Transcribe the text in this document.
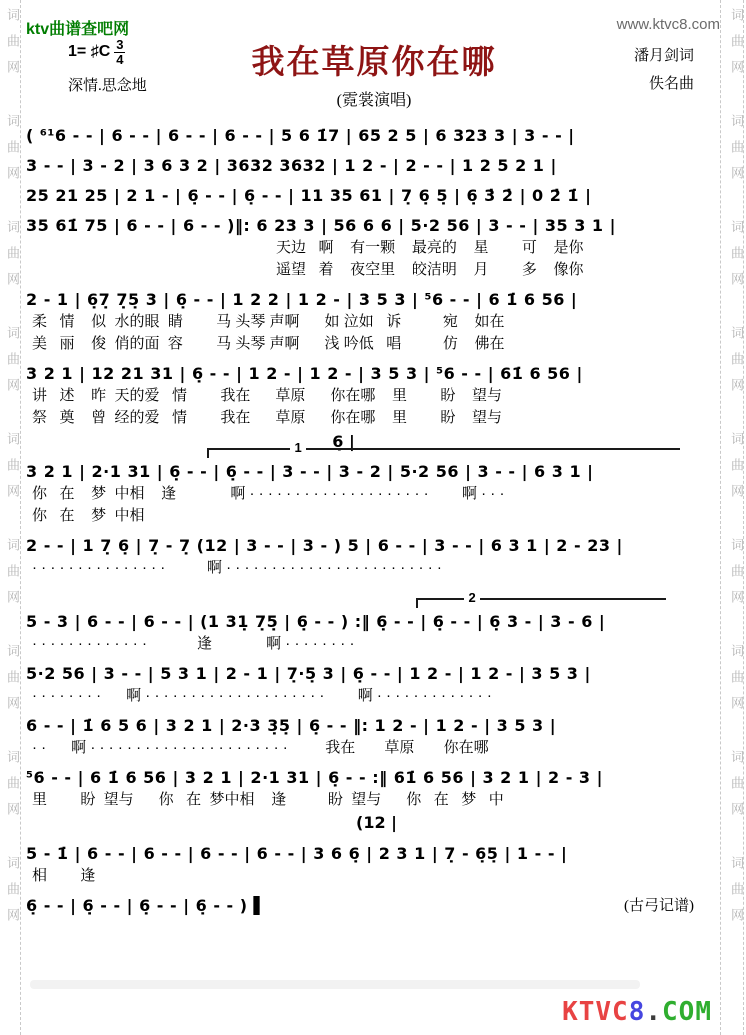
词曲网 词曲网 词曲网 词曲网 词曲网 词曲网 词曲网 词曲网 词曲网	词曲网 词曲网 词曲网 词曲网 词曲网 词曲网 词曲网 词曲网 词曲网
ktv曲谱查吧网	www.ktvc8.com
1= ♯C $\frac{3}{4}$
深情.思念地
我在草原你在哪
(霓裳演唱)
潘月剑词
佚名曲
( ⁶¹6 - - | 6 - - | 6 - - | 6 - - | 5 6 1̇7 | 65 2 5 | 6 323 3 | 3 - - |
3 - - | 3 - 2 | 3 6 3 2 | 3632 3632 | 1 2 - | 2 - - | 1 2 5 2 1 |
25 21 25 | 2 1 - | 6̣ - - | 6̣ - - | 11 35 61 | 7̣ 6̣ 5̣ | 6̣ 3̇ 2̇ | 0 2̇ 1̇ |
35 61̇ 75 | 6 - - | 6 - - )‖: 6 23 3 | 56 6 6 | 5·2 56 | 3 - - | 35 3 1 |
天边   啊    有一颗    最亮的    星        可    是你
遥望   着    夜空里    皎洁明    月        多    像你
2 - 1 | 6̣7̣ 7̣5̣ 3 | 6̣ - - | 1 2 2 | 1 2 - | 3 5 3 | ⁵6 - - | 6 1̇ 6 56 |
柔   情    似  水的眼  睛        马 头琴 声啊      如 泣如   诉          宛    如在
美   丽    俊  俏的面  容        马 头琴 声啊      浅 吟低   唱          仿    佛在
3 2 1 | 12 21 31 | 6̣ - - | 1 2 - | 1 2 - | 3 5 3 | ⁵6 - - | 61̇ 6 56 |
讲   述    昨  天的爱   情        我在      草原      你在哪    里        盼    望与
祭   奠    曾  经的爱   情        我在      草原      你在哪    里        盼    望与
6̣ |
1
3 2 1 | 2·1 31 | 6̣ - - | 6̣ - - | 3 - - | 3 - 2 | 5·2 56 | 3 - - | 6 3 1 |
你   在    梦  中相    逢             啊 · · · · · · · · · · · · · · · · · · · ·        啊 · · ·
你   在    梦  中相
2 - - | 1 7̣ 6̣ | 7̣ - 7̣ (12 | 3 - - | 3 - ) 5 | 6 - - | 3 - - | 6 3 1 | 2 - 23 |
· · · · · · · · · · · · · · ·          啊 · · · · · · · · · · · · · · · · · · · · · · · ·
2
5 - 3 | 6 - - | 6 - - | (1 31̣ 7̣5̣ | 6̣ - - ) :‖ 6̣ - - | 6̣ - - | 6̣ 3 - | 3 - 6 |
· · · · · · · · · · · · ·            逢             啊 · · · · · · · ·
5·2 56 | 3 - - | 5 3 1 | 2 - 1 | 7̣·5̣ 3 | 6̣ - - | 1 2 - | 1 2 - | 3 5 3 |
· · · · · · · ·      啊 · · · · · · · · · · · · · · · · · · · ·        啊 · · · · · · · · · · · · ·
6 - - | 1̇ 6 5 6 | 3 2 1 | 2·3 3̣5̣ | 6̣ - - ‖: 1 2 - | 1 2 - | 3 5 3 |
· ·      啊 · · · · · · · · · · · · · · · · · · · · · ·         我在       草原       你在哪
⁵6 - - | 6 1̇ 6 56 | 3 2 1 | 2·1 31 | 6̣ - - :‖ 61̇ 6 56 | 3 2 1 | 2 - 3 |
里        盼  望与      你   在  梦中相    逢          盼  望与      你   在   梦   中
(12 |
5 - 1̇ | 6 - - | 6 - - | 6 - - | 6 - - | 3 6 6̣ | 2 3 1 | 7̣ - 6̣5̣ | 1 - - |
相        逢
6̣ - - | 6̣ - - | 6̣ - - | 6̣ - - ) ▌	(古弓记谱)
KTVC8.COM
